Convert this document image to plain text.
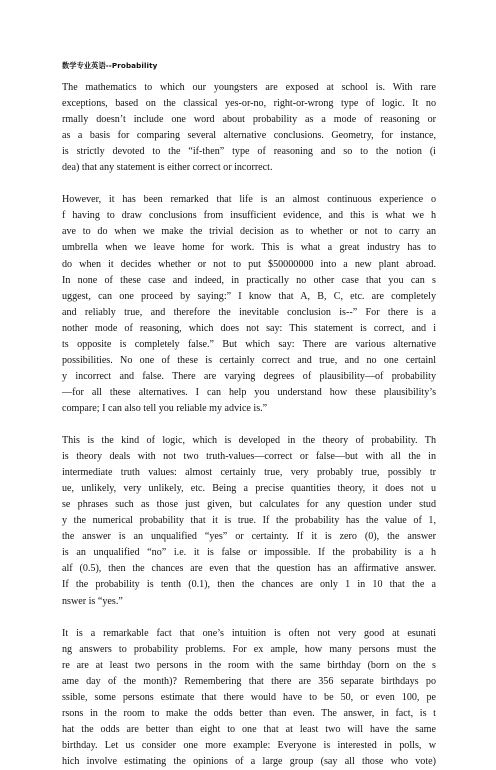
数学专业英语--Probability
The mathematics to which our youngsters are exposed at school is. With rare
exceptions, based on the classical yes-or-no, right-or-wrong type of logic. It no
rmally doesn’t include one word about probability as a mode of reasoning or
as a basis for comparing several alternative conclusions. Geometry, for instance,
is strictly devoted to the “if-then” type of reasoning and so to the notion (i
dea) that any statement is either correct or incorrect.
However, it has been remarked that life is an almost continuous experience o
f having to draw conclusions from insufficient evidence, and this is what we h
ave to do when we make the trivial decision as to whether or not to carry an
umbrella when we leave home for work. This is what a great industry has to
do when it decides whether or not to put $50000000 into a new plant abroad.
In none of these case and indeed, in practically no other case that you can s
uggest, can one proceed by saying:” I know that A, B, C, etc. are completely
and reliably true, and therefore the inevitable conclusion is--” For there is a
nother mode of reasoning, which does not say: This statement is correct, and i
ts opposite is completely false.” But which say: There are various alternative
possibilities. No one of these is certainly correct and true, and no one certainl
y incorrect and false. There are varying degrees of plausibility—of probability
—for all these alternatives. I can help you understand how these plausibility’s
compare; I can also tell you reliable my advice is.”
This is the kind of logic, which is developed in the theory of probability. Th
is theory deals with not two truth-values—correct or false—but with all the in
intermediate truth values: almost certainly true, very probably true, possibly tr
ue, unlikely, very unlikely, etc. Being a precise quantities theory, it does not u
se phrases such as those just given, but calculates for any question under stud
y the numerical probability that it is true. If the probability has the value of 1,
the answer is an unqualified “yes” or certainty. If it is zero (0), the answer
is an unqualified “no” i.e. it is false or impossible. If the probability is a h
alf (0.5), then the chances are even that the question has an affirmative answer.
If the probability is tenth (0.1), then the chances are only 1 in 10 that the a
nswer is “yes.”
It is a remarkable fact that one’s intuition is often not very good at esunati
ng answers to probability problems. For ex ample, how many persons must the
re are at least two persons in the room with the same birthday (born on the s
ame day of the month)? Remembering that there are 356 separate birthdays po
ssible, some persons estimate that there would have to be 50, or even 100, pe
rsons in the room to make the odds better than even. The answer, in fact, is t
hat the odds are better than eight to one that at least two will have the same
birthday. Let us consider one more example: Everyone is interested in polls, w
hich involve estimating the opinions of a large group (say all those who vote)
